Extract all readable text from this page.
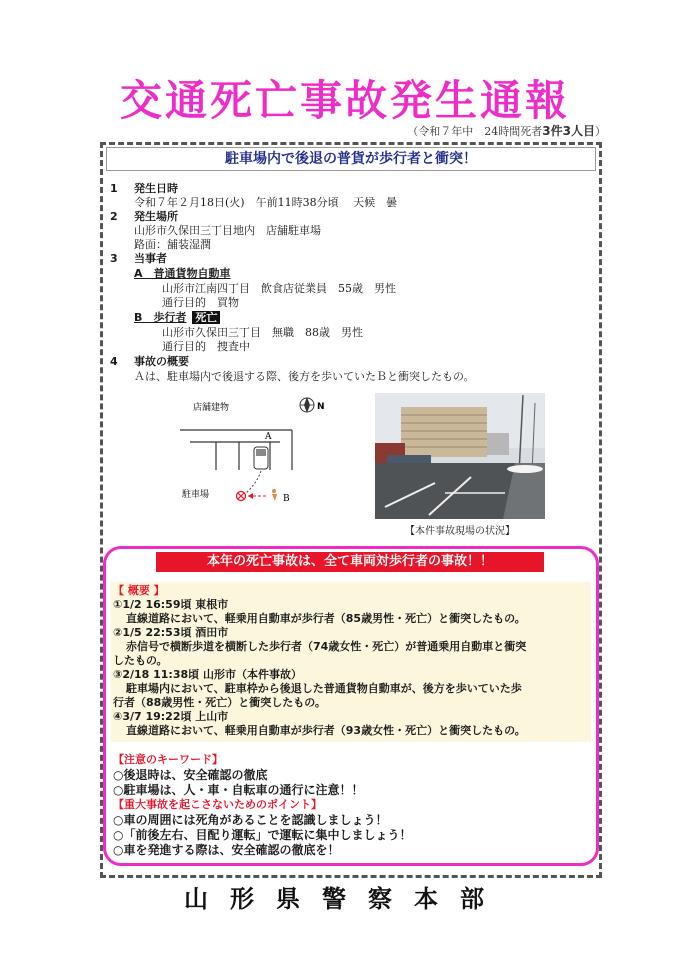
交通死亡事故発生通報
（令和７年中　24時間死者3件3人目）
駐車場内で後退の普貨が歩行者と衝突！
1 発生日時
令和７年２月18日(火)　午前11時38分頃　 天候　曇
2 発生場所
山形市久保田三丁目地内　店舗駐車場
路面：舗装湿潤
3 当事者
A　普通貨物自動車
山形市江南四丁目　飲食店従業員　55歳　男性
通行目的　買物
B　歩行者 死亡
山形市久保田三丁目　無職　88歳　男性
通行目的　捜査中
4 事故の概要
Ａは、駐車場内で後退する際、後方を歩いていたＢと衝突したもの。
店舗建物	N
A
駐車場	B
【本件事故現場の状況】
本年の死亡事故は、全て車両対歩行者の事故！！
【 概要 】
①1/2 16:59頃 東根市
直線道路において、軽乗用自動車が歩行者（85歳男性・死亡）と衝突したもの。
②1/5 22:53頃 酒田市
赤信号で横断歩道を横断した歩行者（74歳女性・死亡）が普通乗用自動車と衝突
したもの。
③2/18 11:38頃 山形市（本件事故）
駐車場内において、駐車枠から後退した普通貨物自動車が、後方を歩いていた歩
行者（88歳男性・死亡）と衝突したもの。
④3/7 19:22頃 上山市
直線道路において、軽乗用自動車が歩行者（93歳女性・死亡）と衝突したもの。
【注意のキーワード】
○後退時は、安全確認の徹底
○駐車場は、人・車・自転車の通行に注意！！
【重大事故を起こさないためのポイント】
○車の周囲には死角があることを認識しましょう！
○「前後左右、目配り運転」で運転に集中しましょう！
○車を発進する際は、安全確認の徹底を！
山形県警察本部
